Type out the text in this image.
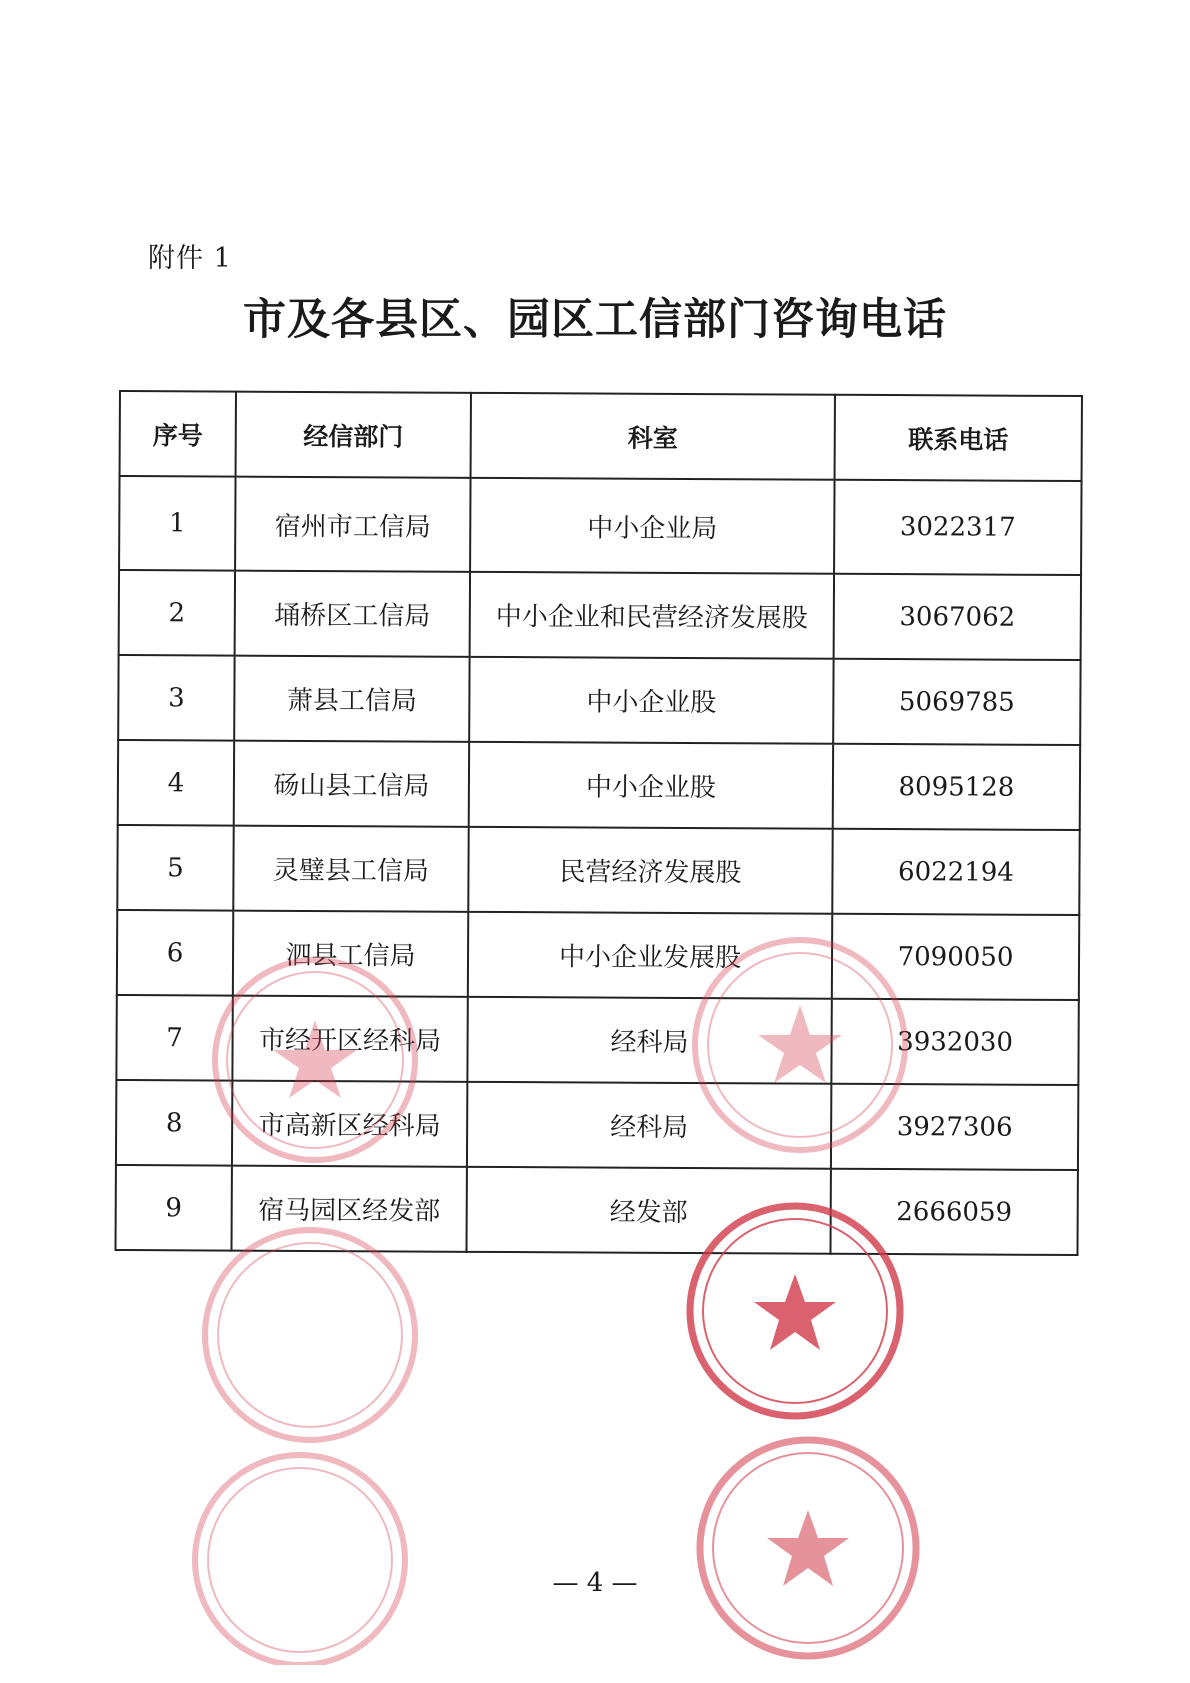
附件 1
市及各县区、园区工信部门咨询电话
序号	经信部门	科室	联系电话
1	宿州市工信局	中小企业局	3022317
2	埇桥区工信局	中小企业和民营经济发展股	3067062
3	萧县工信局	中小企业股	5069785
4	砀山县工信局	中小企业股	8095128
5	灵璧县工信局	民营经济发展股	6022194
6	泗县工信局	中小企业发展股	7090050
7	市经开区经科局	经科局	3932030
8	市高新区经科局	经科局	3927306
9	宿马园区经发部	经发部	2666059
— 4 —
